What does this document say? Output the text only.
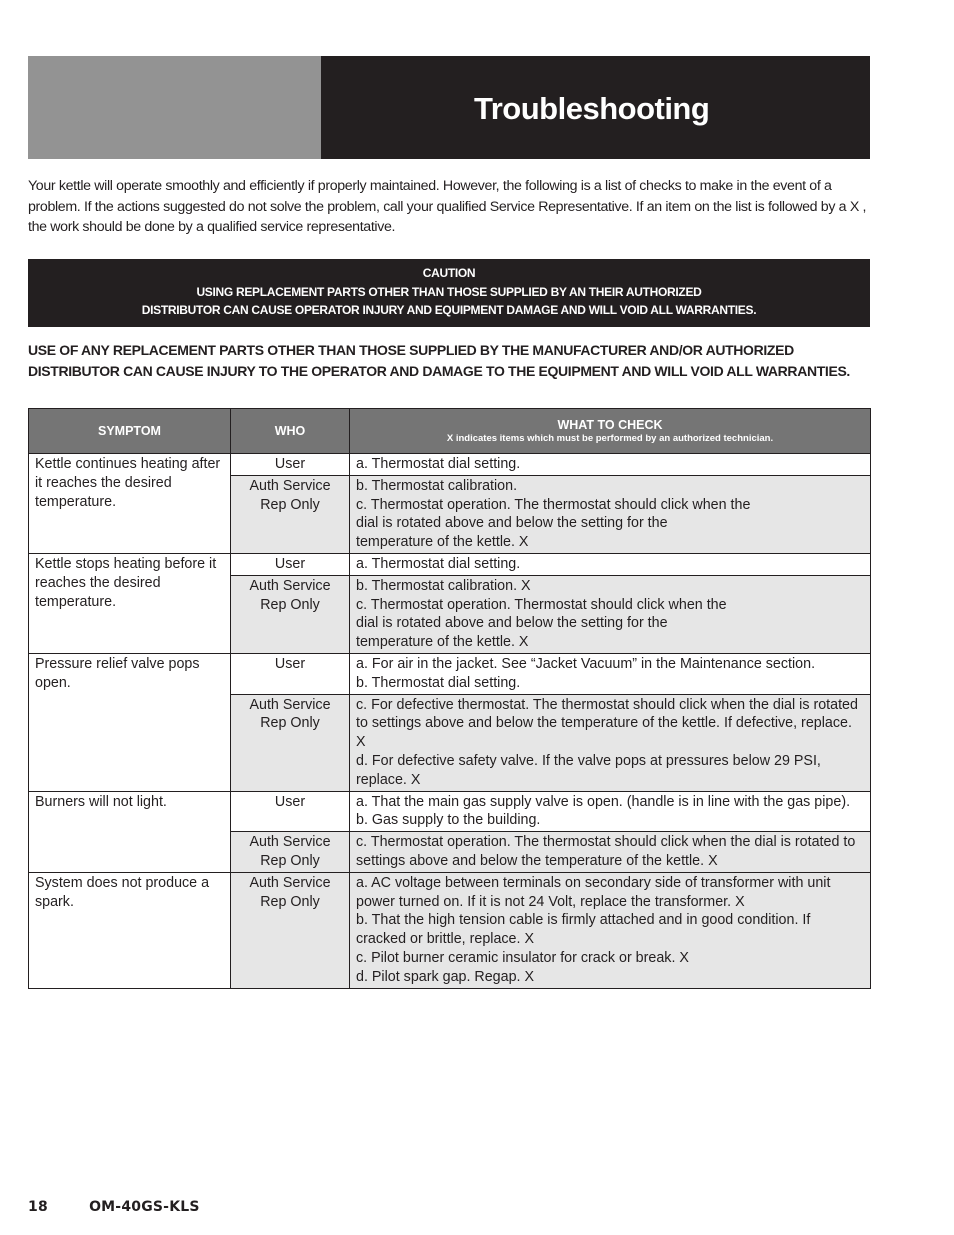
Troubleshooting

Your kettle will operate smoothly and efficiently if properly maintained. However, the following is a list of checks to make in the event of a problem. If the actions suggested do not solve the problem, call your qualified Service Representative. If an item on the list is followed by a X , the work should be done by a qualified service representative.

CAUTION
USING REPLACEMENT PARTS OTHER THAN THOSE SUPPLIED BY AN THEIR AUTHORIZED
DISTRIBUTOR CAN CAUSE OPERATOR INJURY AND EQUIPMENT DAMAGE AND WILL VOID ALL WARRANTIES.

USE OF ANY REPLACEMENT PARTS OTHER THAN THOSE SUPPLIED BY THE MANUFACTURER AND/OR AUTHORIZED DISTRIBUTOR CAN CAUSE INJURY TO THE OPERATOR AND DAMAGE TO THE EQUIPMENT AND WILL VOID ALL WARRANTIES.

SYMPTOM	WHO	WHAT TO CHECK
X indicates items which must be performed by an authorized technician.

Kettle continues heating after it reaches the desired temperature.	User	a. Thermostat dial setting.

	Auth Service
Rep Only	b. Thermostat calibration.
c. Thermostat operation. The thermostat should click when the
dial is rotated above and below the setting for the
temperature of the kettle. X

Kettle stops heating before it reaches the desired temperature.	User	a. Thermostat dial setting.

	Auth Service
Rep Only	b. Thermostat calibration. X
c. Thermostat operation. Thermostat should click when the
dial is rotated above and below the setting for the
temperature of the kettle. X

Pressure relief valve pops open.	User	a. For air in the jacket. See “Jacket Vacuum” in the Maintenance section.
b. Thermostat dial setting.

	Auth Service
Rep Only	c. For defective thermostat. The thermostat should click when the dial is rotated to settings above and below the temperature of the kettle. If defective, replace. X
d. For defective safety valve. If the valve pops at pressures below 29 PSI, replace. X

Burners will not light.	User	a. That the main gas supply valve is open. (handle is in line with the gas pipe).
b. Gas supply to the building.

	Auth Service
Rep Only	c. Thermostat operation. The thermostat should click when the dial is rotated to settings above and below the temperature of the kettle. X

System does not produce a spark.	Auth Service
Rep Only	a. AC voltage between terminals on secondary side of transformer with unit power turned on. If it is not 24 Volt, replace the transformer. X
b. That the high tension cable is firmly attached and in good condition. If cracked or brittle, replace. X
c. Pilot burner ceramic insulator for crack or break. X
d. Pilot spark gap. Regap. X
18	OM-40GS-KLS
